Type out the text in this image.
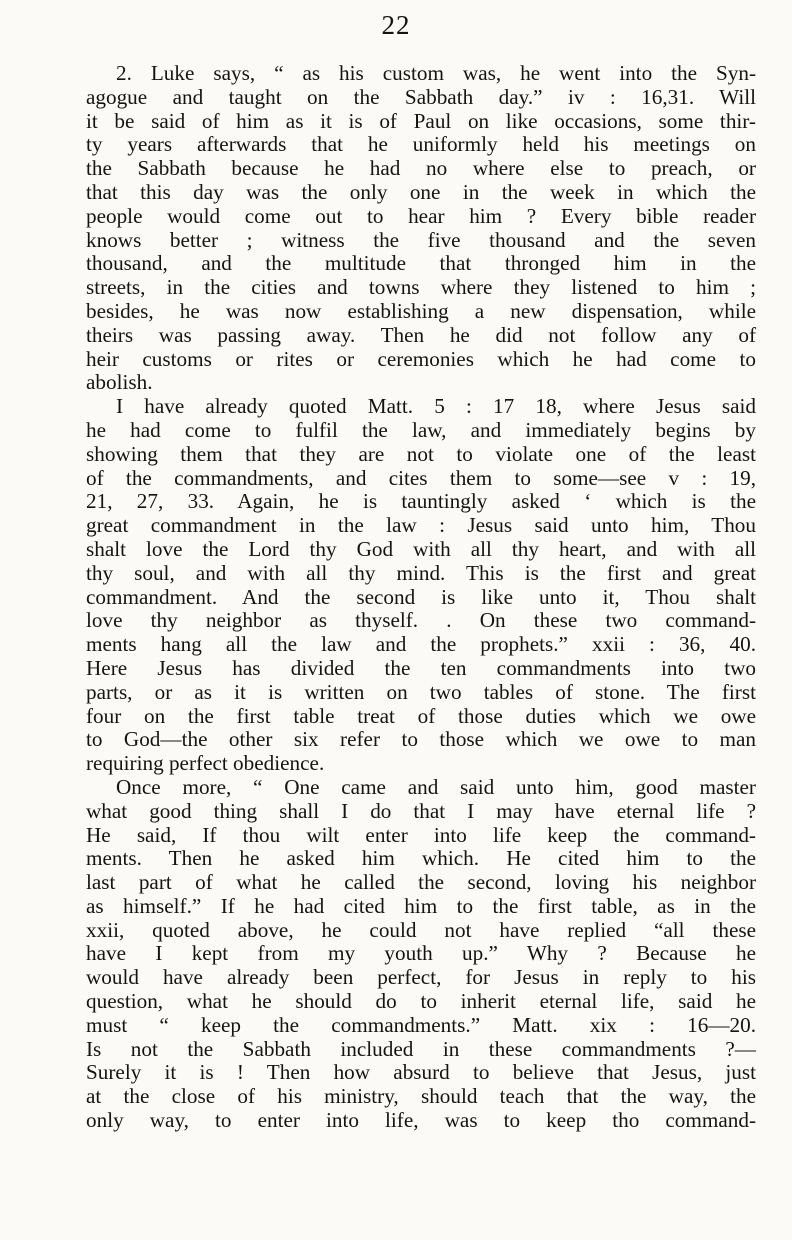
22
2. Luke says, “ as his custom was, he went into the Syn-
agogue and taught on the Sabbath day.” iv : 16,31. Will
it be said of him as it is of Paul on like occasions, some thir-
ty years afterwards that he uniformly held his meetings on
the Sabbath because he had no where else to preach, or
that this day was the only one in the week in which the
people would come out to hear him ? Every bible reader
knows better ; witness the five thousand and the seven
thousand, and the multitude that thronged him in the
streets, in the cities and towns where they listened to him ;
besides, he was now establishing a new dispensation, while
theirs was passing away. Then he did not follow any of
heir customs or rites or ceremonies which he had come to
abolish.
I have already quoted Matt. 5 : 17 18, where Jesus said
he had come to fulfil the law, and immediately begins by
showing them that they are not to violate one of the least
of the commandments, and cites them to some—see v : 19,
21, 27, 33. Again, he is tauntingly asked ‘ which is the
great commandment in the law : Jesus said unto him, Thou
shalt love the Lord thy God with all thy heart, and with all
thy soul, and with all thy mind. This is the first and great
commandment. And the second is like unto it, Thou shalt
love thy neighbor as thyself. . On these two command-
ments hang all the law and the prophets.” xxii : 36, 40.
Here Jesus has divided the ten commandments into two
parts, or as it is written on two tables of stone. The first
four on the first table treat of those duties which we owe
to God—the other six refer to those which we owe to man
requiring perfect obedience.
Once more, “ One came and said unto him, good master
what good thing shall I do that I may have eternal life ?
He said, If thou wilt enter into life keep the command-
ments. Then he asked him which. He cited him to the
last part of what he called the second, loving his neighbor
as himself.” If he had cited him to the first table, as in the
xxii, quoted above, he could not have replied “all these
have I kept from my youth up.” Why ? Because he
would have already been perfect, for Jesus in reply to his
question, what he should do to inherit eternal life, said he
must “ keep the commandments.” Matt. xix : 16—20.
Is not the Sabbath included in these commandments ?—
Surely it is ! Then how absurd to believe that Jesus, just
at the close of his ministry, should teach that the way, the
only way, to enter into life, was to keep tho command-
